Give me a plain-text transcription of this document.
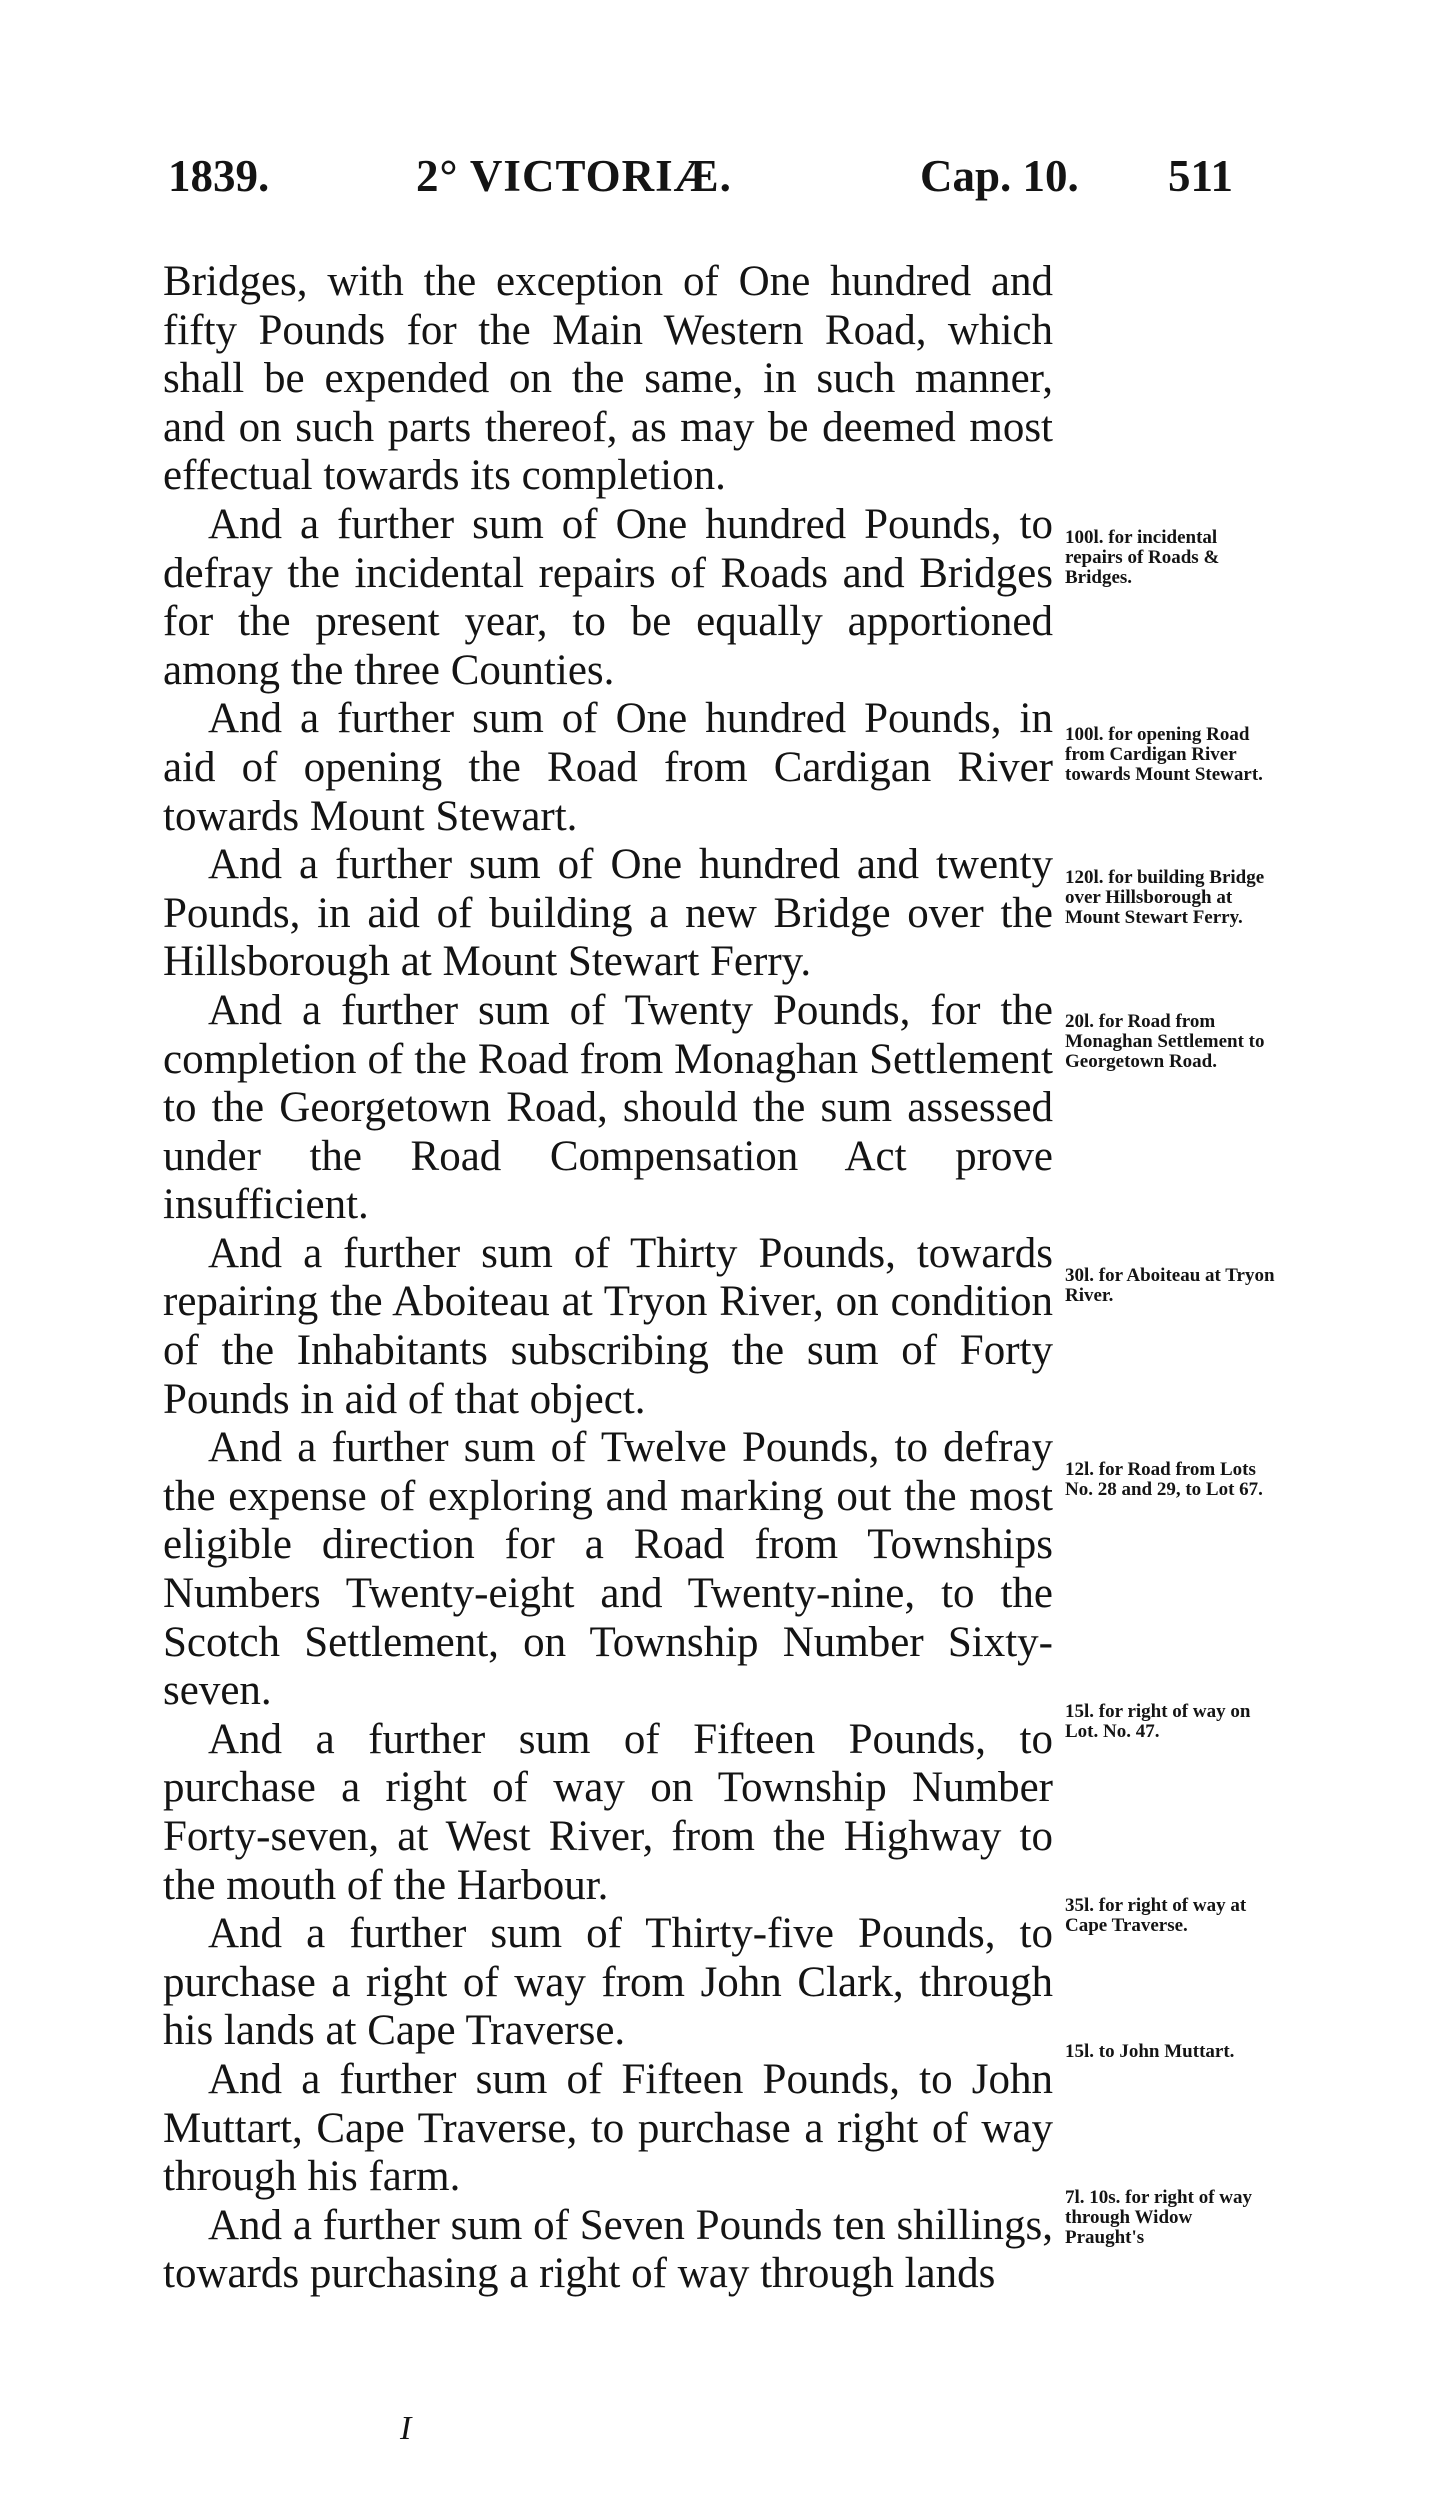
1839.	2° VICTORIÆ.	Cap. 10. 511

Bridges, with the exception of One hundred and fifty Pounds for the Main Western Road, which shall be expended on the same, in such manner, and on such parts thereof, as may be deemed most effectual towards its completion.

And a further sum of One hundred Pounds, to defray the incidental repairs of Roads and Bridges for the present year, to be equally apportioned among the three Counties.

And a further sum of One hundred Pounds, in aid of opening the Road from Cardigan River towards Mount Stewart.

And a further sum of One hundred and twenty Pounds, in aid of building a new Bridge over the Hillsborough at Mount Stewart Ferry.

And a further sum of Twenty Pounds, for the completion of the Road from Monaghan Settlement to the Georgetown Road, should the sum assessed under the Road Compensation Act prove insufficient.

And a further sum of Thirty Pounds, towards repairing the Aboiteau at Tryon River, on condition of the Inhabitants subscribing the sum of Forty Pounds in aid of that object.

And a further sum of Twelve Pounds, to defray the expense of exploring and marking out the most eligible direction for a Road from Townships Numbers Twenty-eight and Twenty-nine, to the Scotch Settlement, on Township Number Sixty-seven.

And a further sum of Fifteen Pounds, to purchase a right of way on Township Number Forty-seven, at West River, from the Highway to the mouth of the Harbour.

And a further sum of Thirty-five Pounds, to purchase a right of way from John Clark, through his lands at Cape Traverse.

And a further sum of Fifteen Pounds, to John Muttart, Cape Traverse, to purchase a right of way through his farm.

And a further sum of Seven Pounds ten shillings, towards purchasing a right of way through lands

100l. for incidental repairs of Roads & Bridges.
100l. for opening Road from Cardigan River towards Mount Stewart.
120l. for building Bridge over Hillsborough at Mount Stewart Ferry.
20l. for Road from Monaghan Settlement to Georgetown Road.
30l. for Aboiteau at Tryon River.
12l. for Road from Lots No. 28 and 29, to Lot 67.
15l. for right of way on Lot. No. 47.
35l. for right of way at Cape Traverse.
15l. to John Muttart.
7l. 10s. for right of way through Widow Praught's
I
